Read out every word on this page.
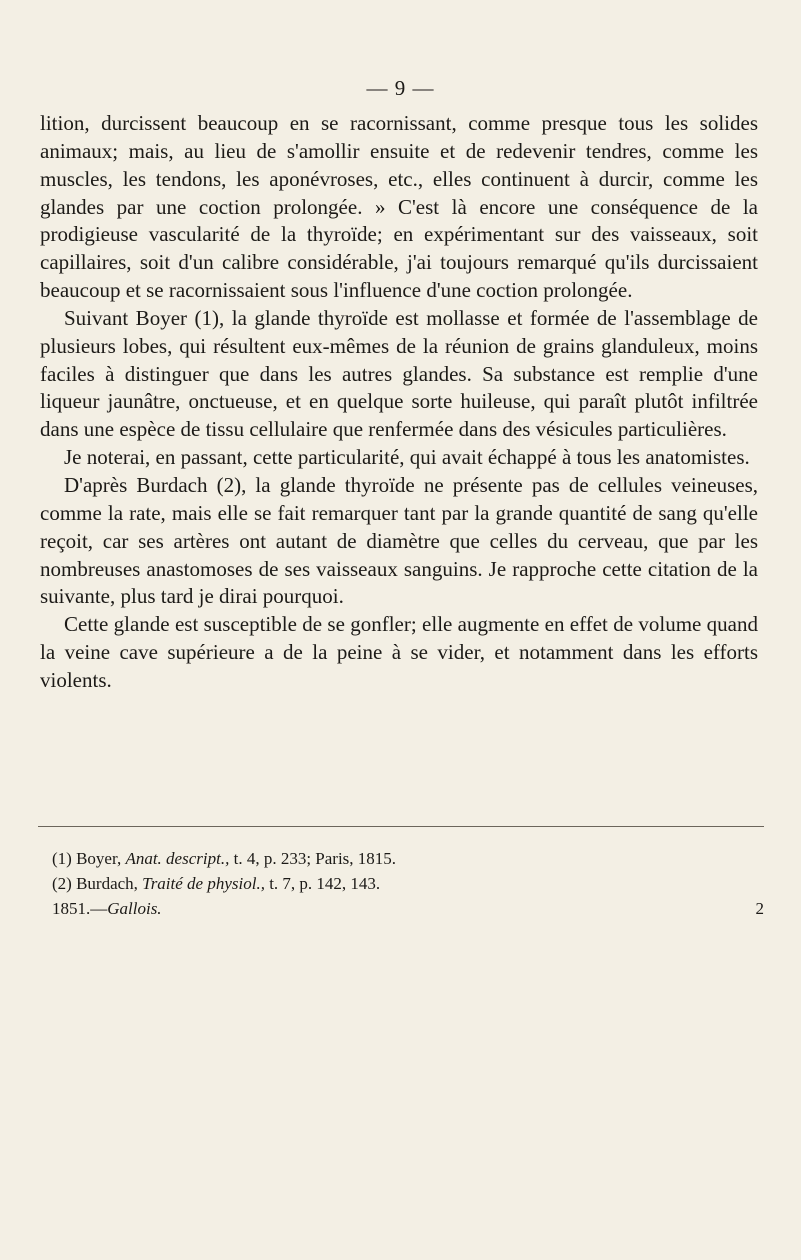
— 9 —

lition, durcissent beaucoup en se racornissant, comme presque tous les solides animaux; mais, au lieu de s'amollir ensuite et de redevenir tendres, comme les muscles, les tendons, les aponévroses, etc., elles continuent à durcir, comme les glandes par une coction prolongée. » C'est là encore une conséquence de la prodigieuse vascularité de la thyroïde; en expérimentant sur des vaisseaux, soit capillaires, soit d'un calibre considérable, j'ai toujours remarqué qu'ils durcissaient beaucoup et se racornissaient sous l'influence d'une coction prolongée.

Suivant Boyer (1), la glande thyroïde est mollasse et formée de l'assemblage de plusieurs lobes, qui résultent eux-mêmes de la réunion de grains glanduleux, moins faciles à distinguer que dans les autres glandes. Sa substance est remplie d'une liqueur jaunâtre, onctueuse, et en quelque sorte huileuse, qui paraît plutôt infiltrée dans une espèce de tissu cellulaire que renfermée dans des vésicules particulières.

Je noterai, en passant, cette particularité, qui avait échappé à tous les anatomistes.

D'après Burdach (2), la glande thyroïde ne présente pas de cellules veineuses, comme la rate, mais elle se fait remarquer tant par la grande quantité de sang qu'elle reçoit, car ses artères ont autant de diamètre que celles du cerveau, que par les nombreuses anastomoses de ses vaisseaux sanguins. Je rapproche cette citation de la suivante, plus tard je dirai pourquoi.

Cette glande est susceptible de se gonfler; elle augmente en effet de volume quand la veine cave supérieure a de la peine à se vider, et notamment dans les efforts violents.

(1) Boyer, Anat. descript., t. 4, p. 233; Paris, 1815.

(2) Burdach, Traité de physiol., t. 7, p. 142, 143.

1851.—Gallois.	2
